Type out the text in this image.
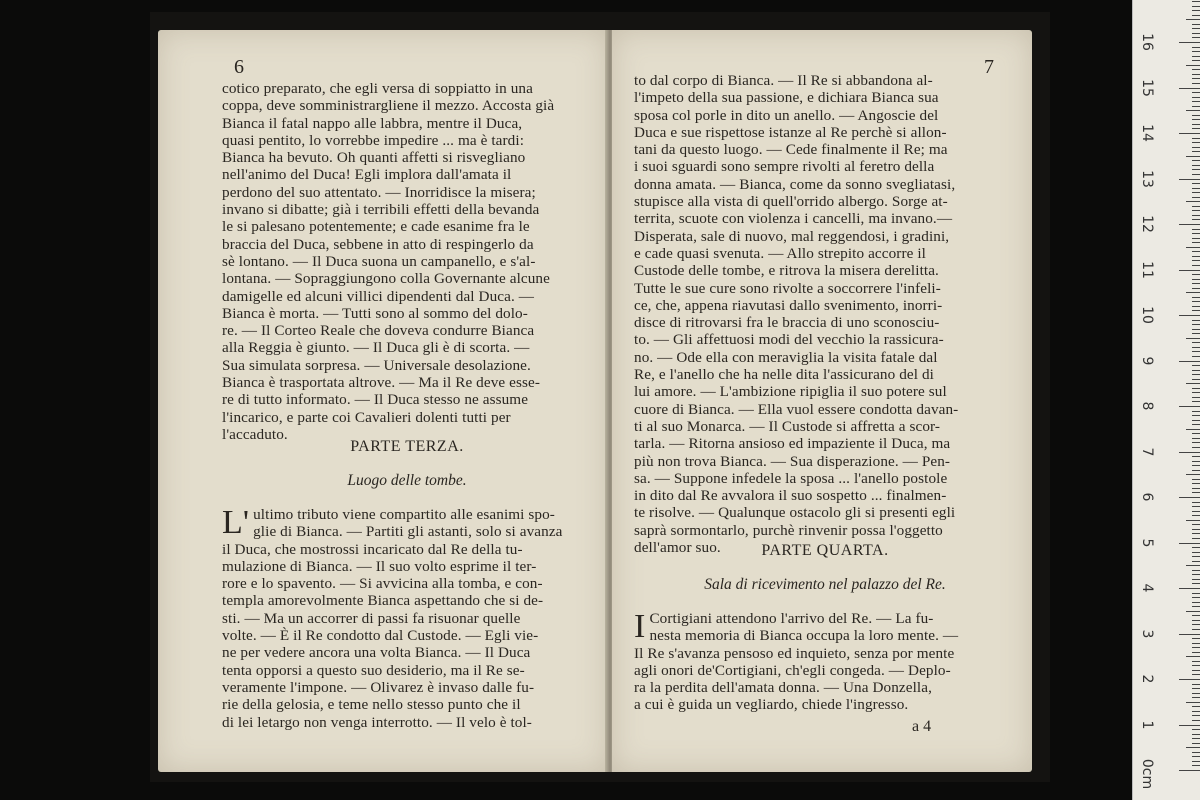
6
cotico preparato, che egli versa di soppiatto in una
coppa, deve somministrargliene il mezzo. Accosta già
Bianca il fatal nappo alle labbra, mentre il Duca,
quasi pentito, lo vorrebbe impedire ... ma è tardi:
Bianca ha bevuto. Oh quanti affetti si risvegliano
nell'animo del Duca! Egli implora dall'amata il
perdono del suo attentato. — Inorridisce la misera;
invano si dibatte; già i terribili effetti della bevanda
le si palesano potentemente; e cade esanime fra le
braccia del Duca, sebbene in atto di respingerlo da
sè lontano. — Il Duca suona un campanello, e s'al-
lontana. — Sopraggiungono colla Governante alcune
damigelle ed alcuni villici dipendenti dal Duca. —
Bianca è morta. — Tutti sono al sommo del dolo-
re. — Il Corteo Reale che doveva condurre Bianca
alla Reggia è giunto. — Il Duca gli è di scorta. —
Sua simulata sorpresa. — Universale desolazione.
Bianca è trasportata altrove. — Ma il Re deve esse-
re di tutto informato. — Il Duca stesso ne assume
l'incarico, e parte coi Cavalieri dolenti tutti per
l'accaduto.
PARTE TERZA.
Luogo delle tombe.
L' ultimo tributo viene compartito alle esanimi spo-
glie di Bianca. — Partiti gli astanti, solo si avanza
il Duca, che mostrossi incaricato dal Re della tu-
mulazione di Bianca. — Il suo volto esprime il ter-
rore e lo spavento. — Si avvicina alla tomba, e con-
templa amorevolmente Bianca aspettando che si de-
sti. — Ma un accorrer di passi fa risuonar quelle
volte. — È il Re condotto dal Custode. — Egli vie-
ne per vedere ancora una volta Bianca. — Il Duca
tenta opporsi a questo suo desiderio, ma il Re se-
veramente l'impone. — Olivarez è invaso dalle fu-
rie della gelosia, e teme nello stesso punto che il
di lei letargo non venga interrotto. — Il velo è tol-
7
to dal corpo di Bianca. — Il Re si abbandona al-
l'impeto della sua passione, e dichiara Bianca sua
sposa col porle in dito un anello. — Angoscie del
Duca e sue rispettose istanze al Re perchè si allon-
tani da questo luogo. — Cede finalmente il Re; ma
i suoi sguardi sono sempre rivolti al feretro della
donna amata. — Bianca, come da sonno svegliatasi,
stupisce alla vista di quell'orrido albergo. Sorge at-
territa, scuote con violenza i cancelli, ma invano.—
Disperata, sale di nuovo, mal reggendosi, i gradini,
e cade quasi svenuta. — Allo strepito accorre il
Custode delle tombe, e ritrova la misera derelitta.
Tutte le sue cure sono rivolte a soccorrere l'infeli-
ce, che, appena riavutasi dallo svenimento, inorri-
disce di ritrovarsi fra le braccia di uno sconosciu-
to. — Gli affettuosi modi del vecchio la rassicura-
no. — Ode ella con meraviglia la visita fatale dal
Re, e l'anello che ha nelle dita l'assicurano del di
lui amore. — L'ambizione ripiglia il suo potere sul
cuore di Bianca. — Ella vuol essere condotta davan-
ti al suo Monarca. — Il Custode si affretta a scor-
tarla. — Ritorna ansioso ed impaziente il Duca, ma
più non trova Bianca. — Sua disperazione. — Pen-
sa. — Suppone infedele la sposa ... l'anello postole
in dito dal Re avvalora il suo sospetto ... finalmen-
te risolve. — Qualunque ostacolo gli si presenti egli
saprà sormontarlo, purchè rinvenir possa l'oggetto
dell'amor suo.	PARTE QUARTA.
Sala di ricevimento nel palazzo del Re.
I Cortigiani attendono l'arrivo del Re. — La fu-
nesta memoria di Bianca occupa la loro mente. —
Il Re s'avanza pensoso ed inquieto, senza por mente
agli onori de'Cortigiani, ch'egli congeda. — Deplo-
ra la perdita dell'amata donna. — Una Donzella,
a cui è guida un vegliardo, chiede l'ingresso.
a 4
0cm
1
2
3
4
5
6
7
8
9
10
11
12
13
14
15
16
